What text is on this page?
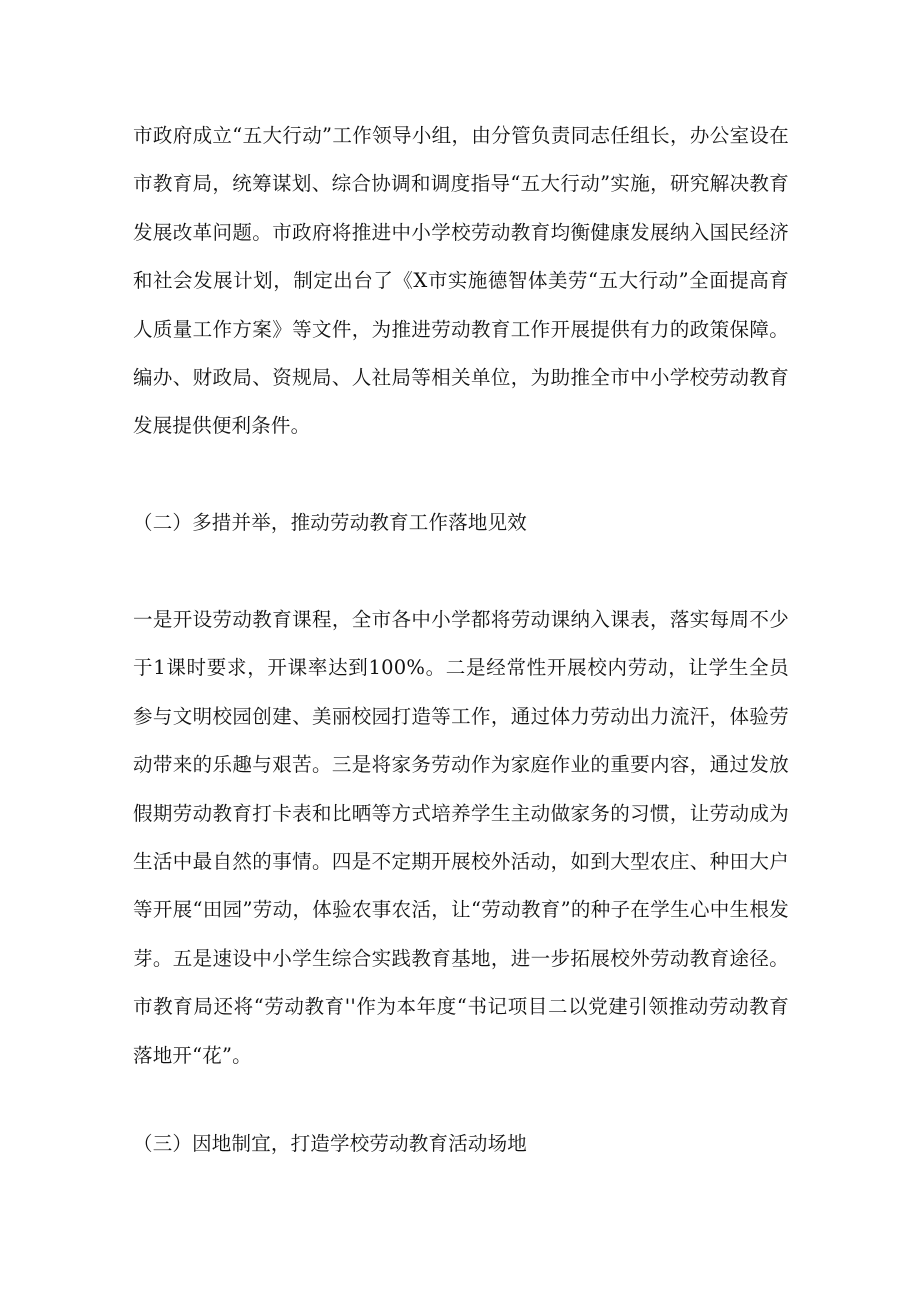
市政府成立“五大行动”工作领导小组，由分管负责同志任组长，办公室设在市教育局，统筹谋划、综合协调和调度指导“五大行动”实施，研究解决教育发展改革问题。市政府将推进中小学校劳动教育均衡健康发展纳入国民经济和社会发展计划，制定出台了《X市实施德智体美劳“五大行动”全面提高育人质量工作方案》等文件，为推进劳动教育工作开展提供有力的政策保障。编办、财政局、资规局、人社局等相关单位，为助推全市中小学校劳动教育发展提供便利条件。

（二）多措并举，推动劳动教育工作落地见效

一是开设劳动教育课程，全市各中小学都将劳动课纳入课表，落实每周不少于1课时要求，开课率达到100%。二是经常性开展校内劳动，让学生全员参与文明校园创建、美丽校园打造等工作，通过体力劳动出力流汗，体验劳动带来的乐趣与艰苦。三是将家务劳动作为家庭作业的重要内容，通过发放假期劳动教育打卡表和比晒等方式培养学生主动做家务的习惯，让劳动成为生活中最自然的事情。四是不定期开展校外活动，如到大型农庄、种田大户等开展“田园”劳动，体验农事农活，让“劳动教育”的种子在学生心中生根发芽。五是速设中小学生综合实践教育基地，进一步拓展校外劳动教育途径。市教育局还将“劳动教育''作为本年度“书记项目二以党建引领推动劳动教育落地开“花”。

（三）因地制宜，打造学校劳动教育活动场地
